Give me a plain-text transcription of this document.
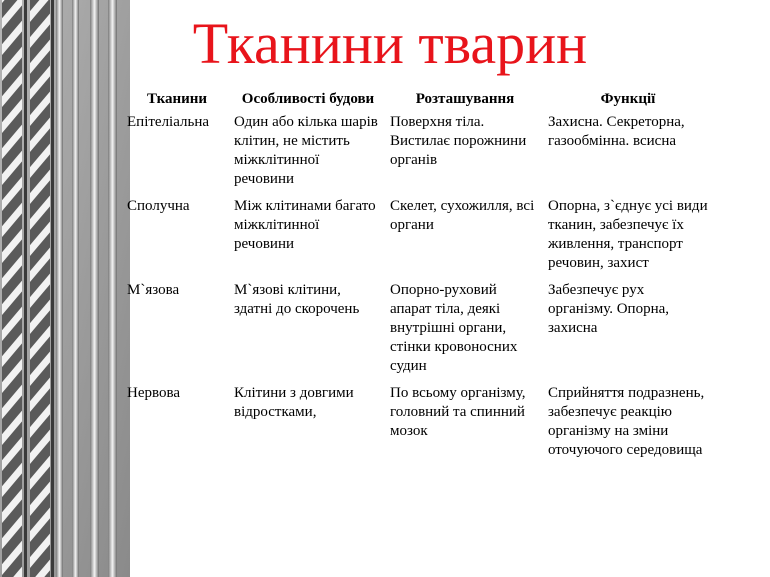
Тканини тварин
Тканини	Особливості будови	Розташування	Функції
Епітеліальна	Один або кілька шарів клітин, не містить міжклітинної речовини	Поверхня тіла. Вистилає порожнини органів	Захисна. Секреторна, газообмінна. всисна
Сполучна	Між клітинами багато міжклітинної речовини	Скелет, сухожилля, всі органи	Опорна, з`єднує усі види тканин, забезпечує їх живлення, транспорт речовин, захист
М`язова	М`язові клітини, здатні до скорочень	Опорно-руховий апарат тіла, деякі внутрішні органи, стінки кровоносних судин	Забезпечує рух організму. Опорна, захисна
Нервова	Клітини з довгими відростками,	По всьому організму, головний та спинний мозок	Сприйняття подразнень, забезпечує реакцію організму на зміни оточуючого середовища
